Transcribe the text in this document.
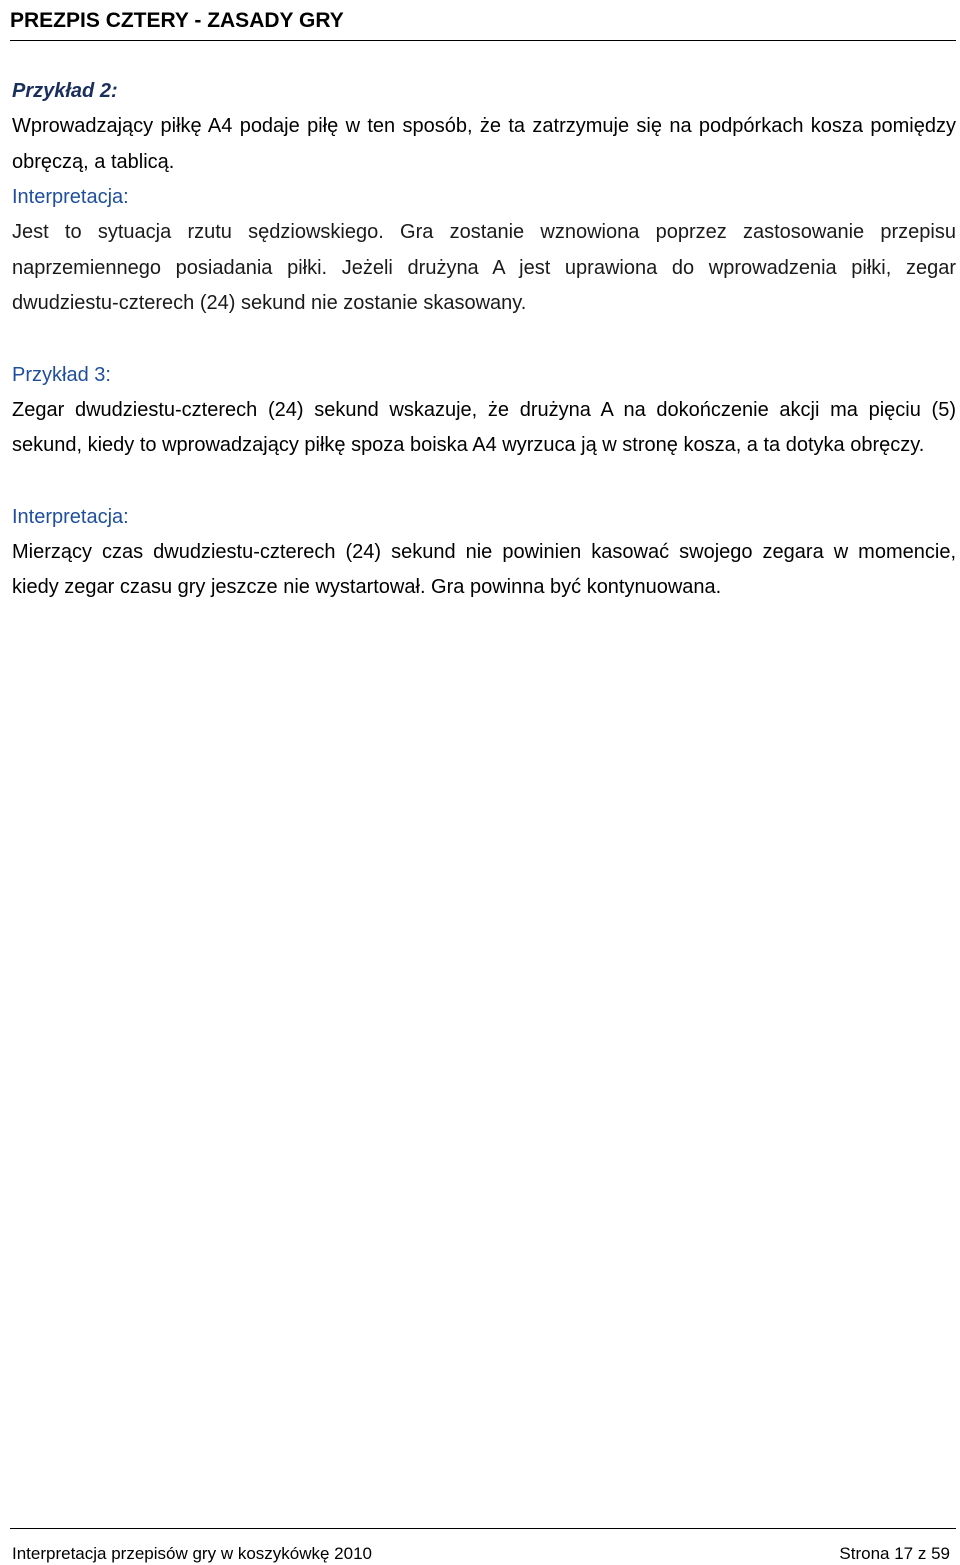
PREZPIS CZTERY - ZASADY GRY
Przykład 2:
Wprowadzający piłkę A4 podaje piłę w ten sposób, że ta zatrzymuje się na podpórkach kosza pomiędzy obręczą, a tablicą.
Interpretacja:
Jest to sytuacja rzutu sędziowskiego. Gra zostanie wznowiona poprzez zastosowanie przepisu naprzemiennego posiadania piłki. Jeżeli drużyna A jest uprawiona do wprowadzenia piłki, zegar dwudziestu-czterech (24) sekund nie zostanie skasowany.
Przykład 3:
Zegar dwudziestu-czterech (24) sekund wskazuje, że drużyna A na dokończenie akcji ma pięciu (5) sekund, kiedy to wprowadzający piłkę spoza boiska A4 wyrzuca ją w stronę kosza, a ta dotyka obręczy.
Interpretacja:
Mierzący czas dwudziestu-czterech (24) sekund nie powinien kasować swojego zegara w momencie, kiedy zegar czasu gry jeszcze nie wystartował. Gra powinna być kontynuowana.
Interpretacja przepisów gry w koszykówkę 2010	Strona 17 z 59
